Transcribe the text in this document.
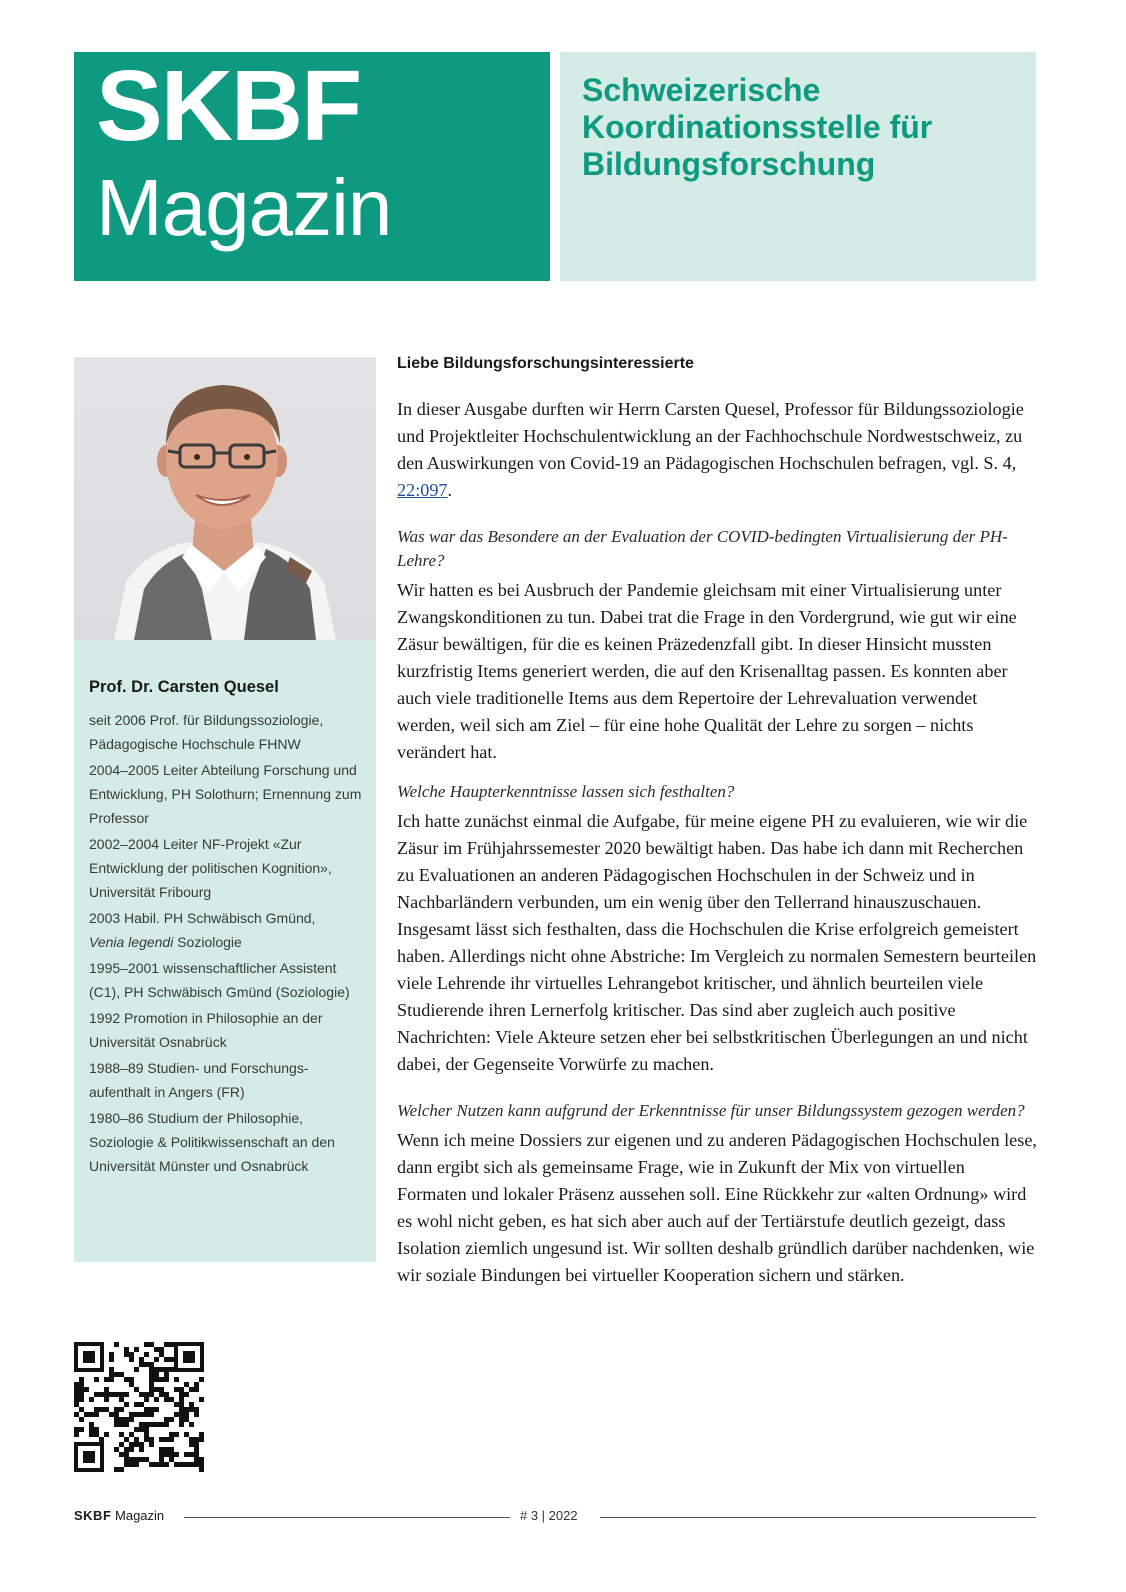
SKBF
Magazin
Schweizerische Koordinationsstelle für Bildungsforschung
Prof. Dr. Carsten Quesel
seit 2006 Prof. für Bildungssoziologie, Pädagogische Hochschule FHNW
2004–2005 Leiter Abteilung Forschung und Entwicklung, PH Solothurn; Ernennung zum Professor
2002–2004 Leiter NF-Projekt «Zur Entwicklung der politischen Kognition», Universität Fribourg
2003 Habil. PH Schwäbisch Gmünd,
Venia legendi Soziologie
1995–2001 wissenschaftlicher Assistent (C1), PH Schwäbisch Gmünd (Soziologie)
1992 Promotion in Philosophie an der Universität Osnabrück
1988–89 Studien- und Forschungs-aufenthalt in Angers (FR)
1980–86 Studium der Philosophie, Soziologie & Politikwissenschaft an den Universität Münster und Osnabrück
Liebe Bildungsforschungsinteressierte

In dieser Ausgabe durften wir Herrn Carsten Quesel, Professor für Bildungssoziologie und Projektleiter Hochschulentwicklung an der Fachhochschule Nordwestschweiz, zu den Auswirkungen von Covid-19 an Pädagogischen Hochschulen befragen, vgl. S. 4, 22:097.

Was war das Besondere an der Evaluation der COVID-bedingten Virtualisierung der PH-Lehre?

Wir hatten es bei Ausbruch der Pandemie gleichsam mit einer Virtualisierung unter Zwangskonditionen zu tun. Dabei trat die Frage in den Vordergrund, wie gut wir eine Zäsur bewältigen, für die es keinen Präzedenzfall gibt. In dieser Hinsicht mussten kurzfristig Items generiert werden, die auf den Krisenalltag passen. Es konnten aber auch viele traditionelle Items aus dem Repertoire der Lehrevaluation verwendet werden, weil sich am Ziel – für eine hohe Qualität der Lehre zu sorgen – nichts verändert hat.

Welche Haupterkenntnisse lassen sich festhalten?

Ich hatte zunächst einmal die Aufgabe, für meine eigene PH zu evaluieren, wie wir die Zäsur im Frühjahrssemester 2020 bewältigt haben. Das habe ich dann mit Recherchen zu Evaluationen an anderen Pädagogischen Hochschulen in der Schweiz und in Nachbarländern verbunden, um ein wenig über den Tellerrand hinauszuschauen. Insgesamt lässt sich festhalten, dass die Hochschulen die Krise erfolgreich gemeistert haben. Allerdings nicht ohne Abstriche: Im Vergleich zu normalen Semestern beurteilen viele Lehrende ihr virtuelles Lehrangebot kritischer, und ähnlich beurteilen viele Studierende ihren Lernerfolg kritischer. Das sind aber zugleich auch positive Nachrichten: Viele Akteure setzen eher bei selbstkritischen Überlegungen an und nicht dabei, der Gegenseite Vorwürfe zu machen.

Welcher Nutzen kann aufgrund der Erkenntnisse für unser Bildungssystem gezogen werden?

Wenn ich meine Dossiers zur eigenen und zu anderen Pädagogischen Hochschulen lese, dann ergibt sich als gemeinsame Frage, wie in Zukunft der Mix von virtuellen Formaten und lokaler Präsenz aussehen soll. Eine Rückkehr zur «alten Ordnung» wird es wohl nicht geben, es hat sich aber auch auf der Tertiärstufe deutlich gezeigt, dass Isolation ziemlich ungesund ist. Wir sollten deshalb gründlich darüber nachdenken, wie wir soziale Bindungen bei virtueller Kooperation sichern und stärken.

SKBF Magazin	# 3 | 2022
